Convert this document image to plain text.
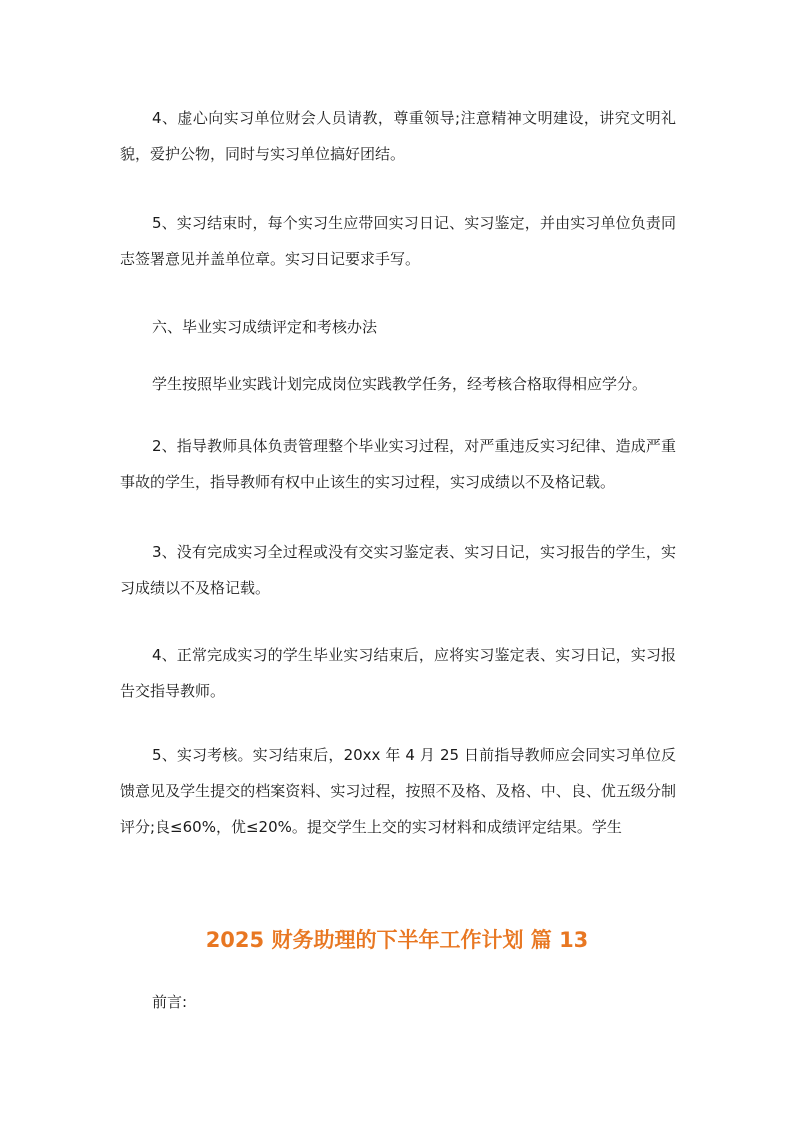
4、虚心向实习单位财会人员请教，尊重领导;注意精神文明建设，讲究文明礼貌，爱护公物，同时与实习单位搞好团结。

5、实习结束时，每个实习生应带回实习日记、实习鉴定，并由实习单位负责同志签署意见并盖单位章。实习日记要求手写。

六、毕业实习成绩评定和考核办法

学生按照毕业实践计划完成岗位实践教学任务，经考核合格取得相应学分。

2、指导教师具体负责管理整个毕业实习过程，对严重违反实习纪律、造成严重事故的学生，指导教师有权中止该生的实习过程，实习成绩以不及格记载。

3、没有完成实习全过程或没有交实习鉴定表、实习日记，实习报告的学生，实习成绩以不及格记载。

4、正常完成实习的学生毕业实习结束后，应将实习鉴定表、实习日记，实习报告交指导教师。

5、实习考核。实习结束后，20xx 年 4 月 25 日前指导教师应会同实习单位反馈意见及学生提交的档案资料、实习过程，按照不及格、及格、中、良、优五级分制评分;良≤60%，优≤20%。提交学生上交的实习材料和成绩评定结果。学生

2025 财务助理的下半年工作计划 篇 13

前言:
